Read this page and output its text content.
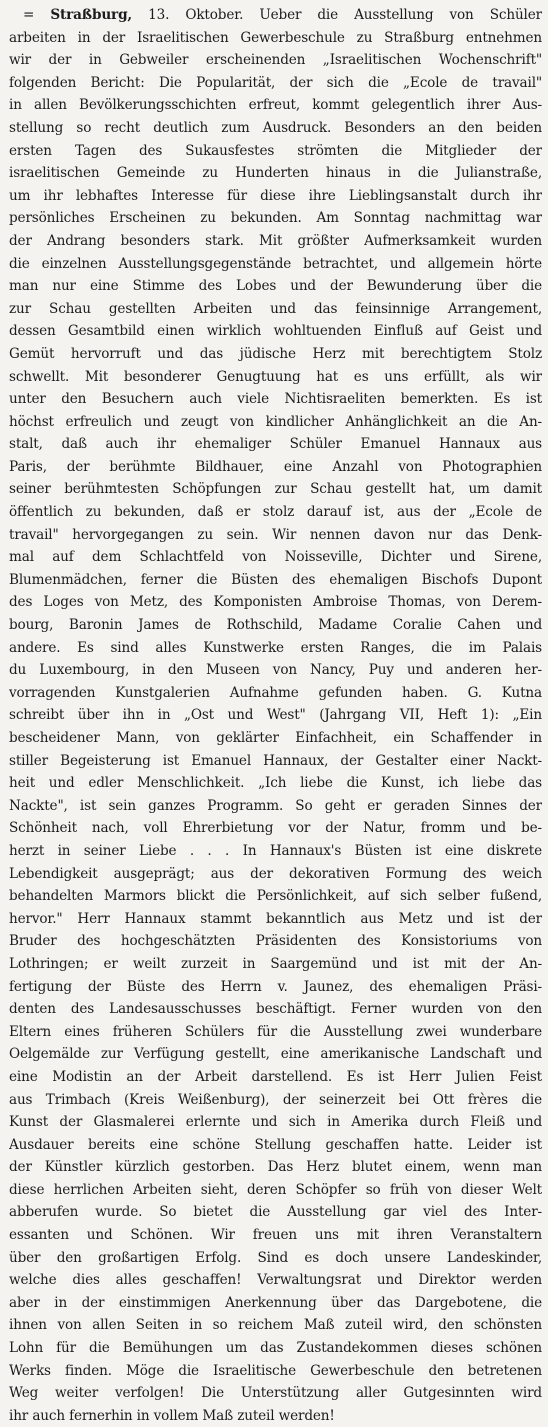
= Straßburg, 13. Oktober. Ueber die Ausstellung von Schüler
arbeiten in der Israelitischen Gewerbeschule zu Straßburg entnehmen
wir der in Gebweiler erscheinenden „Israelitischen Wochenschrift"
folgenden Bericht: Die Popularität, der sich die „Ecole de travail"
in allen Bevölkerungsschichten erfreut, kommt gelegentlich ihrer Aus-
stellung so recht deutlich zum Ausdruck. Besonders an den beiden
ersten Tagen des Sukausfestes strömten die Mitglieder der
israelitischen Gemeinde zu Hunderten hinaus in die Julianstraße,
um ihr lebhaftes Interesse für diese ihre Lieblingsanstalt durch ihr
persönliches Erscheinen zu bekunden. Am Sonntag nachmittag war
der Andrang besonders stark. Mit größter Aufmerksamkeit wurden
die einzelnen Ausstellungsgegenstände betrachtet, und allgemein hörte
man nur eine Stimme des Lobes und der Bewunderung über die
zur Schau gestellten Arbeiten und das feinsinnige Arrangement,
dessen Gesamtbild einen wirklich wohltuenden Einfluß auf Geist und
Gemüt hervorruft und das jüdische Herz mit berechtigtem Stolz
schwellt. Mit besonderer Genugtuung hat es uns erfüllt, als wir
unter den Besuchern auch viele Nichtisraeliten bemerkten. Es ist
höchst erfreulich und zeugt von kindlicher Anhänglichkeit an die An-
stalt, daß auch ihr ehemaliger Schüler Emanuel Hannaux aus
Paris, der berühmte Bildhauer, eine Anzahl von Photographien
seiner berühmtesten Schöpfungen zur Schau gestellt hat, um damit
öffentlich zu bekunden, daß er stolz darauf ist, aus der „Ecole de
travail" hervorgegangen zu sein. Wir nennen davon nur das Denk-
mal auf dem Schlachtfeld von Noisseville, Dichter und Sirene,
Blumenmädchen, ferner die Büsten des ehemaligen Bischofs Dupont
des Loges von Metz, des Komponisten Ambroise Thomas, von Derem-
bourg, Baronin James de Rothschild, Madame Coralie Cahen und
andere. Es sind alles Kunstwerke ersten Ranges, die im Palais
du Luxembourg, in den Museen von Nancy, Puy und anderen her-
vorragenden Kunstgalerien Aufnahme gefunden haben. G. Kutna
schreibt über ihn in „Ost und West" (Jahrgang VII, Heft 1): „Ein
bescheidener Mann, von geklärter Einfachheit, ein Schaffender in
stiller Begeisterung ist Emanuel Hannaux, der Gestalter einer Nackt-
heit und edler Menschlichkeit. „Ich liebe die Kunst, ich liebe das
Nackte", ist sein ganzes Programm. So geht er geraden Sinnes der
Schönheit nach, voll Ehrerbietung vor der Natur, fromm und be-
herzt in seiner Liebe . . . In Hannaux's Büsten ist eine diskrete
Lebendigkeit ausgeprägt; aus der dekorativen Formung des weich
behandelten Marmors blickt die Persönlichkeit, auf sich selber fußend,
hervor." Herr Hannaux stammt bekanntlich aus Metz und ist der
Bruder des hochgeschätzten Präsidenten des Konsistoriums von
Lothringen; er weilt zurzeit in Saargemünd und ist mit der An-
fertigung der Büste des Herrn v. Jaunez, des ehemaligen Präsi-
denten des Landesausschusses beschäftigt. Ferner wurden von den
Eltern eines früheren Schülers für die Ausstellung zwei wunderbare
Oelgemälde zur Verfügung gestellt, eine amerikanische Landschaft und
eine Modistin an der Arbeit darstellend. Es ist Herr Julien Feist
aus Trimbach (Kreis Weißenburg), der seinerzeit bei Ott frères die
Kunst der Glasmalerei erlernte und sich in Amerika durch Fleiß und
Ausdauer bereits eine schöne Stellung geschaffen hatte. Leider ist
der Künstler kürzlich gestorben. Das Herz blutet einem, wenn man
diese herrlichen Arbeiten sieht, deren Schöpfer so früh von dieser Welt
abberufen wurde. So bietet die Ausstellung gar viel des Inter-
essanten und Schönen. Wir freuen uns mit ihren Veranstaltern
über den großartigen Erfolg. Sind es doch unsere Landeskinder,
welche dies alles geschaffen! Verwaltungsrat und Direktor werden
aber in der einstimmigen Anerkennung über das Dargebotene, die
ihnen von allen Seiten in so reichem Maß zuteil wird, den schönsten
Lohn für die Bemühungen um das Zustandekommen dieses schönen
Werks finden. Möge die Israelitische Gewerbeschule den betretenen
Weg weiter verfolgen! Die Unterstützung aller Gutgesinnten wird
ihr auch fernerhin in vollem Maß zuteil werden!
